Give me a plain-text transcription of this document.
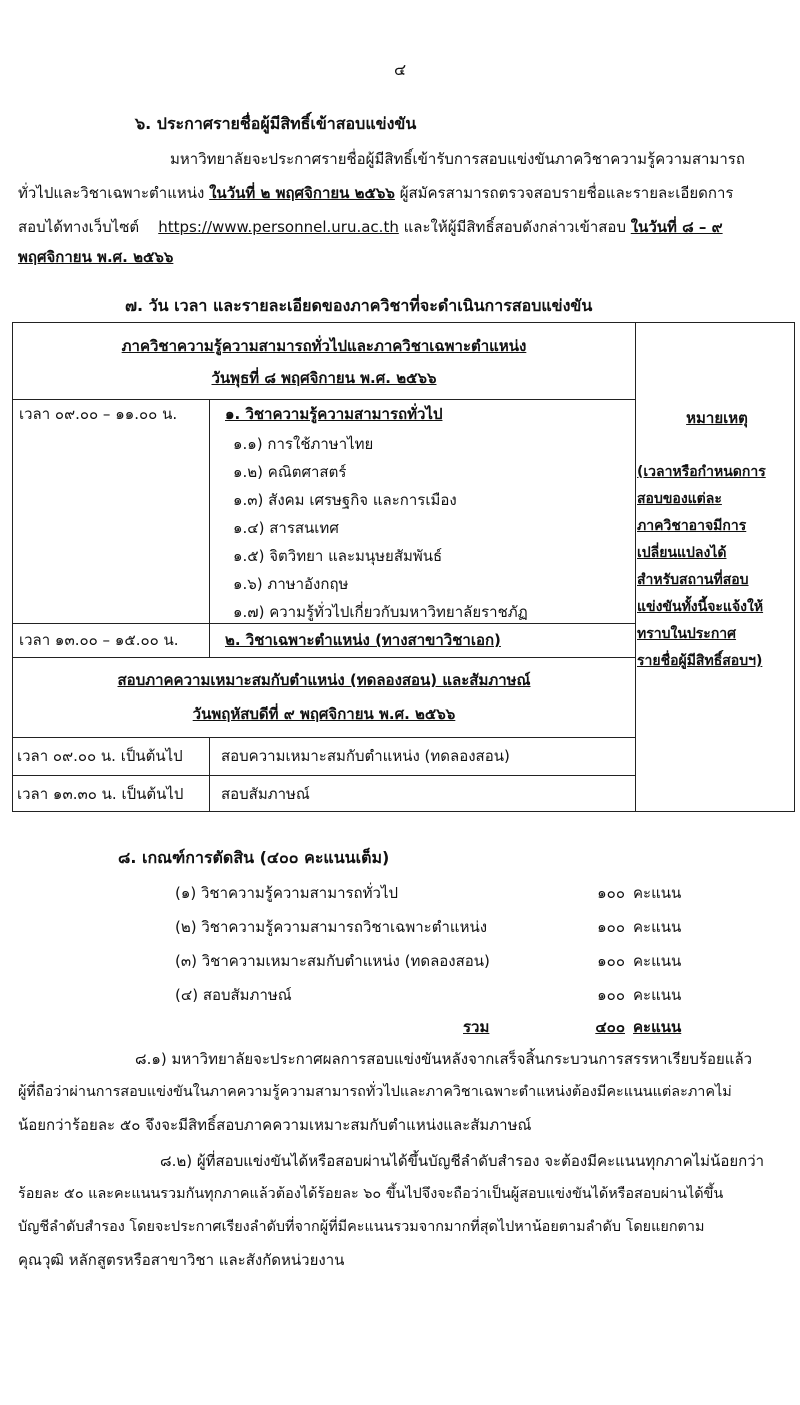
๔
๖. ประกาศรายชื่อผู้มีสิทธิ์เข้าสอบแข่งขัน
มหาวิทยาลัยจะประกาศรายชื่อผู้มีสิทธิ์เข้ารับการสอบแข่งขันภาควิชาความรู้ความสามารถ
ทั่วไปและวิชาเฉพาะตำแหน่ง ในวันที่ ๒ พฤศจิกายน ๒๕๖๖ ผู้สมัครสามารถตรวจสอบรายชื่อและรายละเอียดการ
สอบได้ทางเว็บไซต์    https://www.personnel.uru.ac.th และให้ผู้มีสิทธิ์สอบดังกล่าวเข้าสอบ ในวันที่ ๘ – ๙
พฤศจิกายน พ.ศ. ๒๕๖๖
๗. วัน เวลา และรายละเอียดของภาควิชาที่จะดำเนินการสอบแข่งขัน
ภาควิชาความรู้ความสามารถทั่วไปและภาควิชาเฉพาะตำแหน่ง
วันพุธที่ ๘ พฤศจิกายน พ.ศ. ๒๕๖๖
เวลา ๐๙.๐๐ – ๑๑.๐๐ น.	๑. วิชาความรู้ความสามารถทั่วไป
๑.๑) การใช้ภาษาไทย
๑.๒) คณิตศาสตร์
๑.๓) สังคม เศรษฐกิจ และการเมือง
๑.๔) สารสนเทศ
๑.๕) จิตวิทยา และมนุษยสัมพันธ์
๑.๖) ภาษาอังกฤษ
๑.๗) ความรู้ทั่วไปเกี่ยวกับมหาวิทยาลัยราชภัฏ
เวลา ๑๓.๐๐ – ๑๕.๐๐ น.	๒. วิชาเฉพาะตำแหน่ง (ทางสาขาวิชาเอก)
สอบภาคความเหมาะสมกับตำแหน่ง (ทดลองสอน) และสัมภาษณ์
วันพฤหัสบดีที่ ๙ พฤศจิกายน พ.ศ. ๒๕๖๖
เวลา ๐๙.๐๐ น. เป็นต้นไป	สอบความเหมาะสมกับตำแหน่ง (ทดลองสอน)
เวลา ๑๓.๓๐ น. เป็นต้นไป	สอบสัมภาษณ์
หมายเหตุ
(เวลาหรือกำหนดการ
สอบของแต่ละ
ภาควิชาอาจมีการ
เปลี่ยนแปลงได้
สำหรับสถานที่สอบ
แข่งขันทั้งนี้จะแจ้งให้
ทราบในประกาศ
รายชื่อผู้มีสิทธิ์สอบฯ)
๘. เกณฑ์การตัดสิน (๔๐๐ คะแนนเต็ม)
(๑) วิชาความรู้ความสามารถทั่วไป	๑๐๐ คะแนน
(๒) วิชาความรู้ความสามารถวิชาเฉพาะตำแหน่ง	๑๐๐ คะแนน
(๓) วิชาความเหมาะสมกับตำแหน่ง (ทดลองสอน)	๑๐๐ คะแนน
(๔) สอบสัมภาษณ์	๑๐๐ คะแนน
รวม	๔๐๐ คะแนน
๘.๑) มหาวิทยาลัยจะประกาศผลการสอบแข่งขันหลังจากเสร็จสิ้นกระบวนการสรรหาเรียบร้อยแล้ว
ผู้ที่ถือว่าผ่านการสอบแข่งขันในภาคความรู้ความสามารถทั่วไปและภาควิชาเฉพาะตำแหน่งต้องมีคะแนนแต่ละภาคไม่
น้อยกว่าร้อยละ ๕๐ จึงจะมีสิทธิ์สอบภาคความเหมาะสมกับตำแหน่งและสัมภาษณ์
๘.๒) ผู้ที่สอบแข่งขันได้หรือสอบผ่านได้ขึ้นบัญชีลำดับสำรอง จะต้องมีคะแนนทุกภาคไม่น้อยกว่า
ร้อยละ ๕๐ และคะแนนรวมกันทุกภาคแล้วต้องได้ร้อยละ ๖๐ ขึ้นไปจึงจะถือว่าเป็นผู้สอบแข่งขันได้หรือสอบผ่านได้ขึ้น
บัญชีลำดับสำรอง โดยจะประกาศเรียงลำดับที่จากผู้ที่มีคะแนนรวมจากมากที่สุดไปหาน้อยตามลำดับ โดยแยกตาม
คุณวุฒิ หลักสูตรหรือสาขาวิชา และสังกัดหน่วยงาน
